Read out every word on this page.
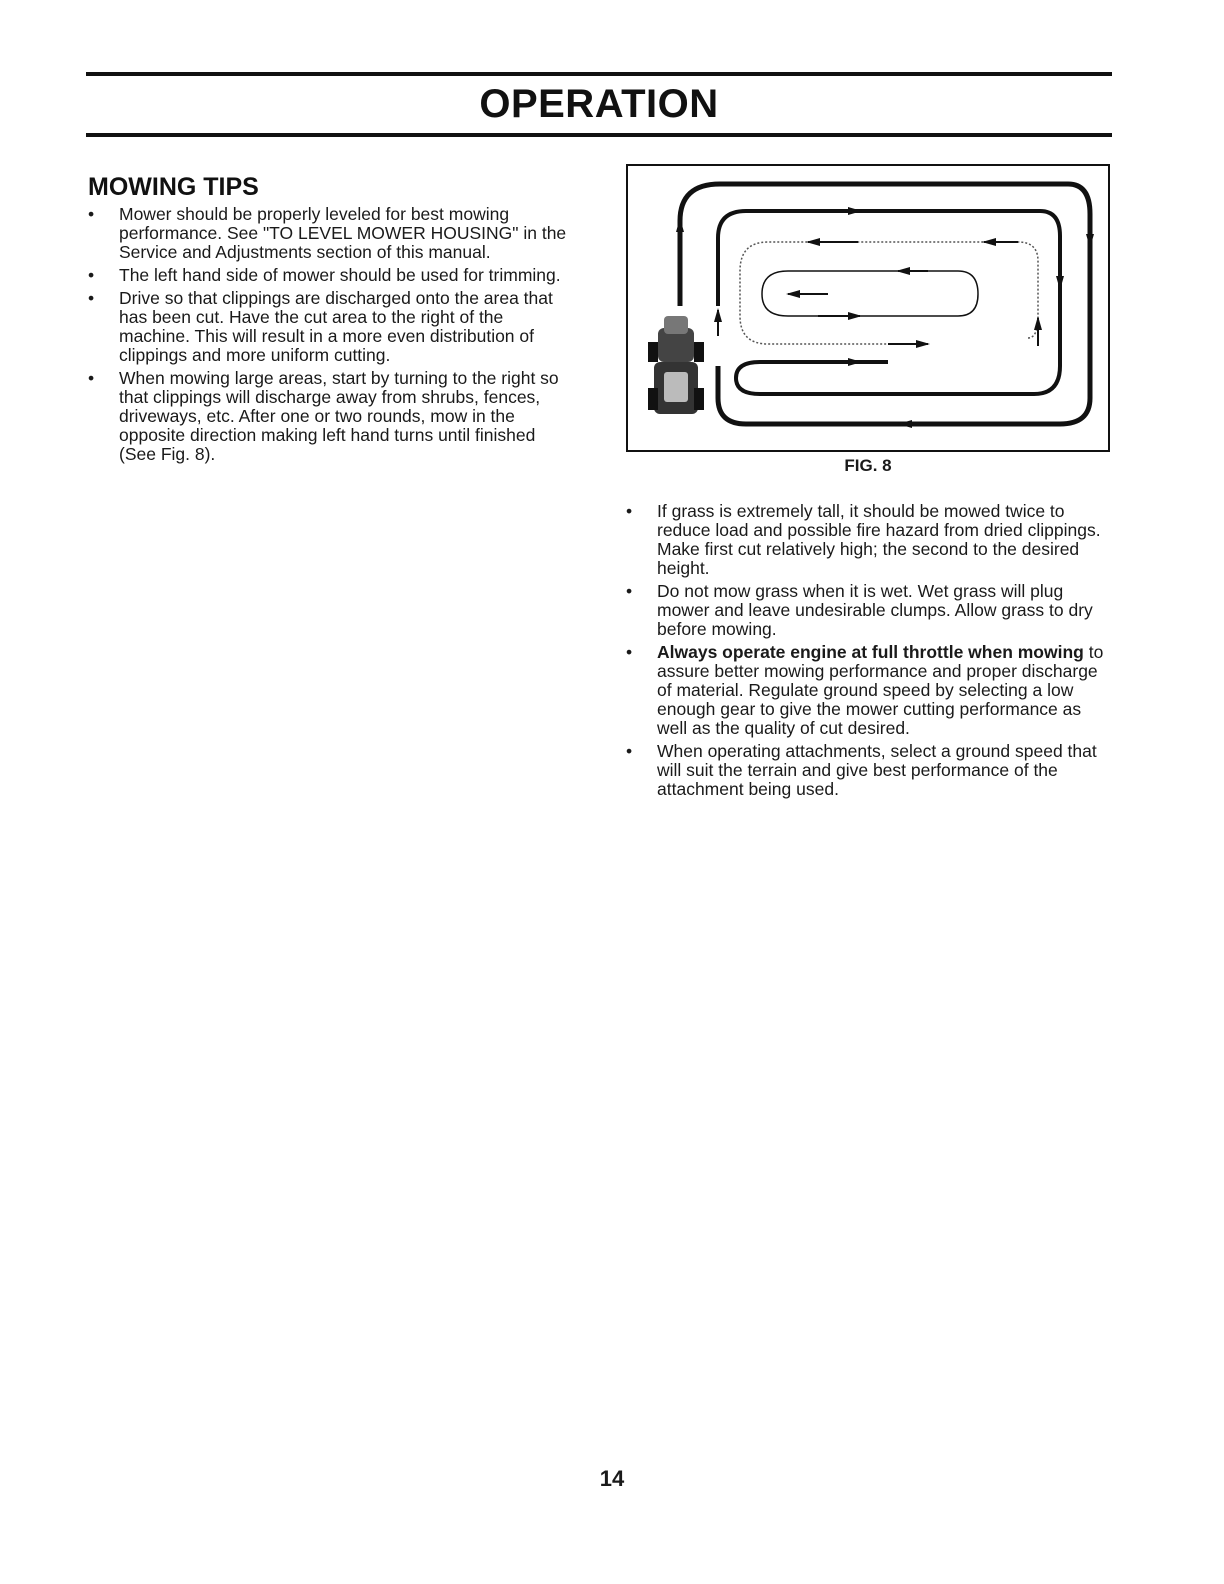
OPERATION
MOWING TIPS
• Mower should be properly leveled for best mowing performance. See "TO LEVEL MOWER HOUSING" in the Service and Adjustments section of this manual.
• The left hand side of mower should be used for trimming.
• Drive so that clippings are discharged onto the area that has been cut. Have the cut area to the right of the machine. This will result in a more even distribution of clippings and more uniform cutting.
• When mowing large areas, start by turning to the right so that clippings will discharge away from shrubs, fences, driveways, etc. After one or two rounds, mow in the opposite direction making left hand turns until finished (See Fig. 8).
FIG. 8
• If grass is extremely tall, it should be mowed twice to reduce load and possible fire hazard from dried clippings. Make first cut relatively high; the second to the desired height.
• Do not mow grass when it is wet. Wet grass will plug mower and leave undesirable clumps. Allow grass to dry before mowing.
• Always operate engine at full throttle when mowing to assure better mowing performance and proper discharge of material. Regulate ground speed by selecting a low enough gear to give the mower cutting performance as well as the quality of cut desired.
• When operating attachments, select a ground speed that will suit the terrain and give best performance of the attachment being used.
14
